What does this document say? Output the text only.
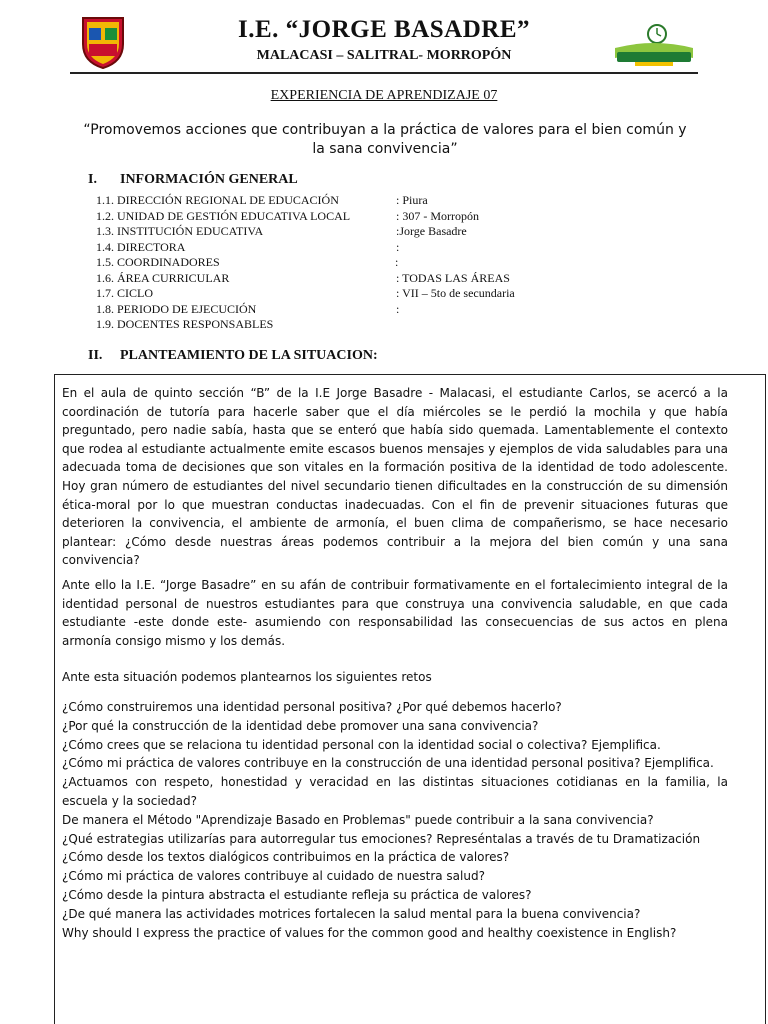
I.E. “JORGE BASADRE”
MALACASI – SALITRAL- MORROPÓN
EXPERIENCIA DE APRENDIZAJE 07
“Promovemos acciones que contribuyan a la práctica de valores para el bien común y la sana convivencia”
I. INFORMACIÓN GENERAL
1.1. DIRECCIÓN REGIONAL DE EDUCACIÓN	: Piura
1.2. UNIDAD DE GESTIÓN EDUCATIVA LOCAL	: 307 - Morropón
1.3. INSTITUCIÓN EDUCATIVA	:Jorge Basadre
1.4. DIRECTORA	:
1.5. COORDINADORES	:
1.6. ÁREA CURRICULAR	: TODAS LAS ÁREAS
1.7. CICLO	: VII – 5to de secundaria
1.8. PERIODO DE EJECUCIÓN	:
1.9. DOCENTES RESPONSABLES
II. PLANTEAMIENTO DE LA SITUACION:
En el aula de quinto sección “B” de la I.E Jorge Basadre - Malacasi, el estudiante Carlos, se acercó a la coordinación de tutoría para hacerle saber que el día miércoles se le perdió la mochila y que había preguntado, pero nadie sabía, hasta que se enteró que había sido quemada. Lamentablemente el contexto que rodea al estudiante actualmente emite escasos buenos mensajes y ejemplos de vida saludables para una adecuada toma de decisiones que son vitales en la formación positiva de la identidad de todo adolescente. Hoy gran número de estudiantes del nivel secundario tienen dificultades en la construcción de su dimensión ética-moral por lo que muestran conductas inadecuadas. Con el fin de prevenir situaciones futuras que deterioren la convivencia, el ambiente de armonía, el buen clima de compañerismo, se hace necesario plantear: ¿Cómo desde nuestras áreas podemos contribuir a la mejora del bien común y una sana convivencia?
Ante ello la I.E. “Jorge Basadre” en su afán de contribuir formativamente en el fortalecimiento integral de la identidad personal de nuestros estudiantes para que construya una convivencia saludable, en que cada estudiante -este donde este- asumiendo con responsabilidad las consecuencias de sus actos en plena armonía consigo mismo y los demás.
Ante esta situación podemos plantearnos los siguientes retos
¿Cómo construiremos una identidad personal positiva? ¿Por qué debemos hacerlo?
¿Por qué la construcción de la identidad debe promover una sana convivencia?
¿Cómo crees que se relaciona tu identidad personal con la identidad social o colectiva? Ejemplifica.
¿Cómo mi práctica de valores contribuye en la construcción de una identidad personal positiva? Ejemplifica.
¿Actuamos con respeto, honestidad y veracidad en las distintas situaciones cotidianas en la familia, la escuela y la sociedad?
De manera el Método "Aprendizaje Basado en Problemas" puede contribuir a la sana convivencia?
¿Qué estrategias utilizarías para autorregular tus emociones? Represéntalas a través de tu Dramatización
¿Cómo desde los textos dialógicos contribuimos en la práctica de valores?
¿Cómo mi práctica de valores contribuye al cuidado de nuestra salud?
¿Cómo desde la pintura abstracta el estudiante refleja su práctica de valores?
¿De qué manera las actividades motrices fortalecen la salud mental para la buena convivencia?
Why should I express the practice of values for the common good and healthy coexistence in English?
